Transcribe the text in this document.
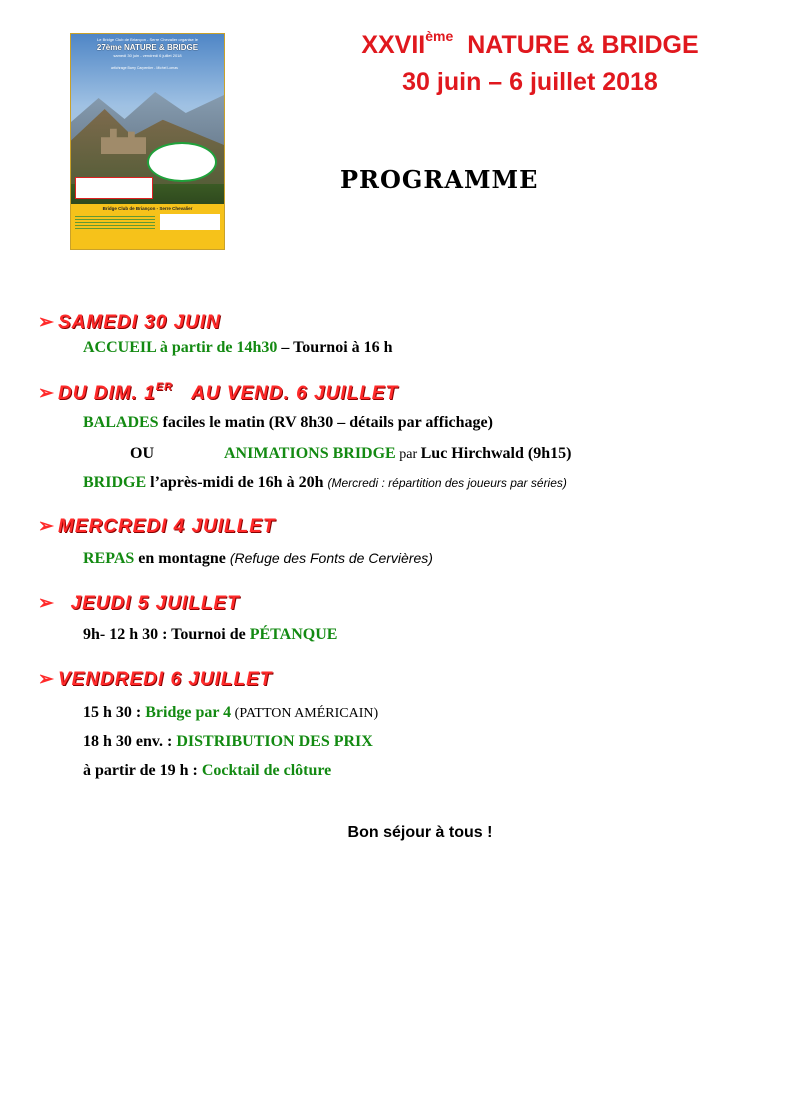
Le Bridge Club de Briançon - Serre Chevalier organise le
27ème NATURE & BRIDGE
samedi 30 juin - vendredi 6 juillet 2018
artichrage Barry Carpentier - Michel Lomas
Bridge Club de Briançon - Serre Chevalier
XXVIIème NATURE & BRIDGE
30 juin – 6 juillet 2018
PROGRAMME
➢ SAMEDI 30 JUIN
ACCUEIL à partir de 14h30 – Tournoi à 16 h
➢ DU DIM. 1ER AU VEND. 6 JUILLET
BALADES faciles le matin (RV 8h30 – détails par affichage)
OU	ANIMATIONS BRIDGE par Luc Hirchwald (9h15)
BRIDGE l’après-midi de 16h à 20h (Mercredi : répartition des joueurs par séries)
➢ MERCREDI 4 JUILLET
REPAS en montagne (Refuge des Fonts de Cervières)
➢ JEUDI 5 JUILLET
9h- 12 h 30 : Tournoi de PÉTANQUE
➢ VENDREDI 6 JUILLET
15 h 30 : Bridge par 4 (PATTON AMÉRICAIN)
18 h 30 env. : DISTRIBUTION DES PRIX
à partir de 19 h : Cocktail de clôture
Bon séjour à tous !
